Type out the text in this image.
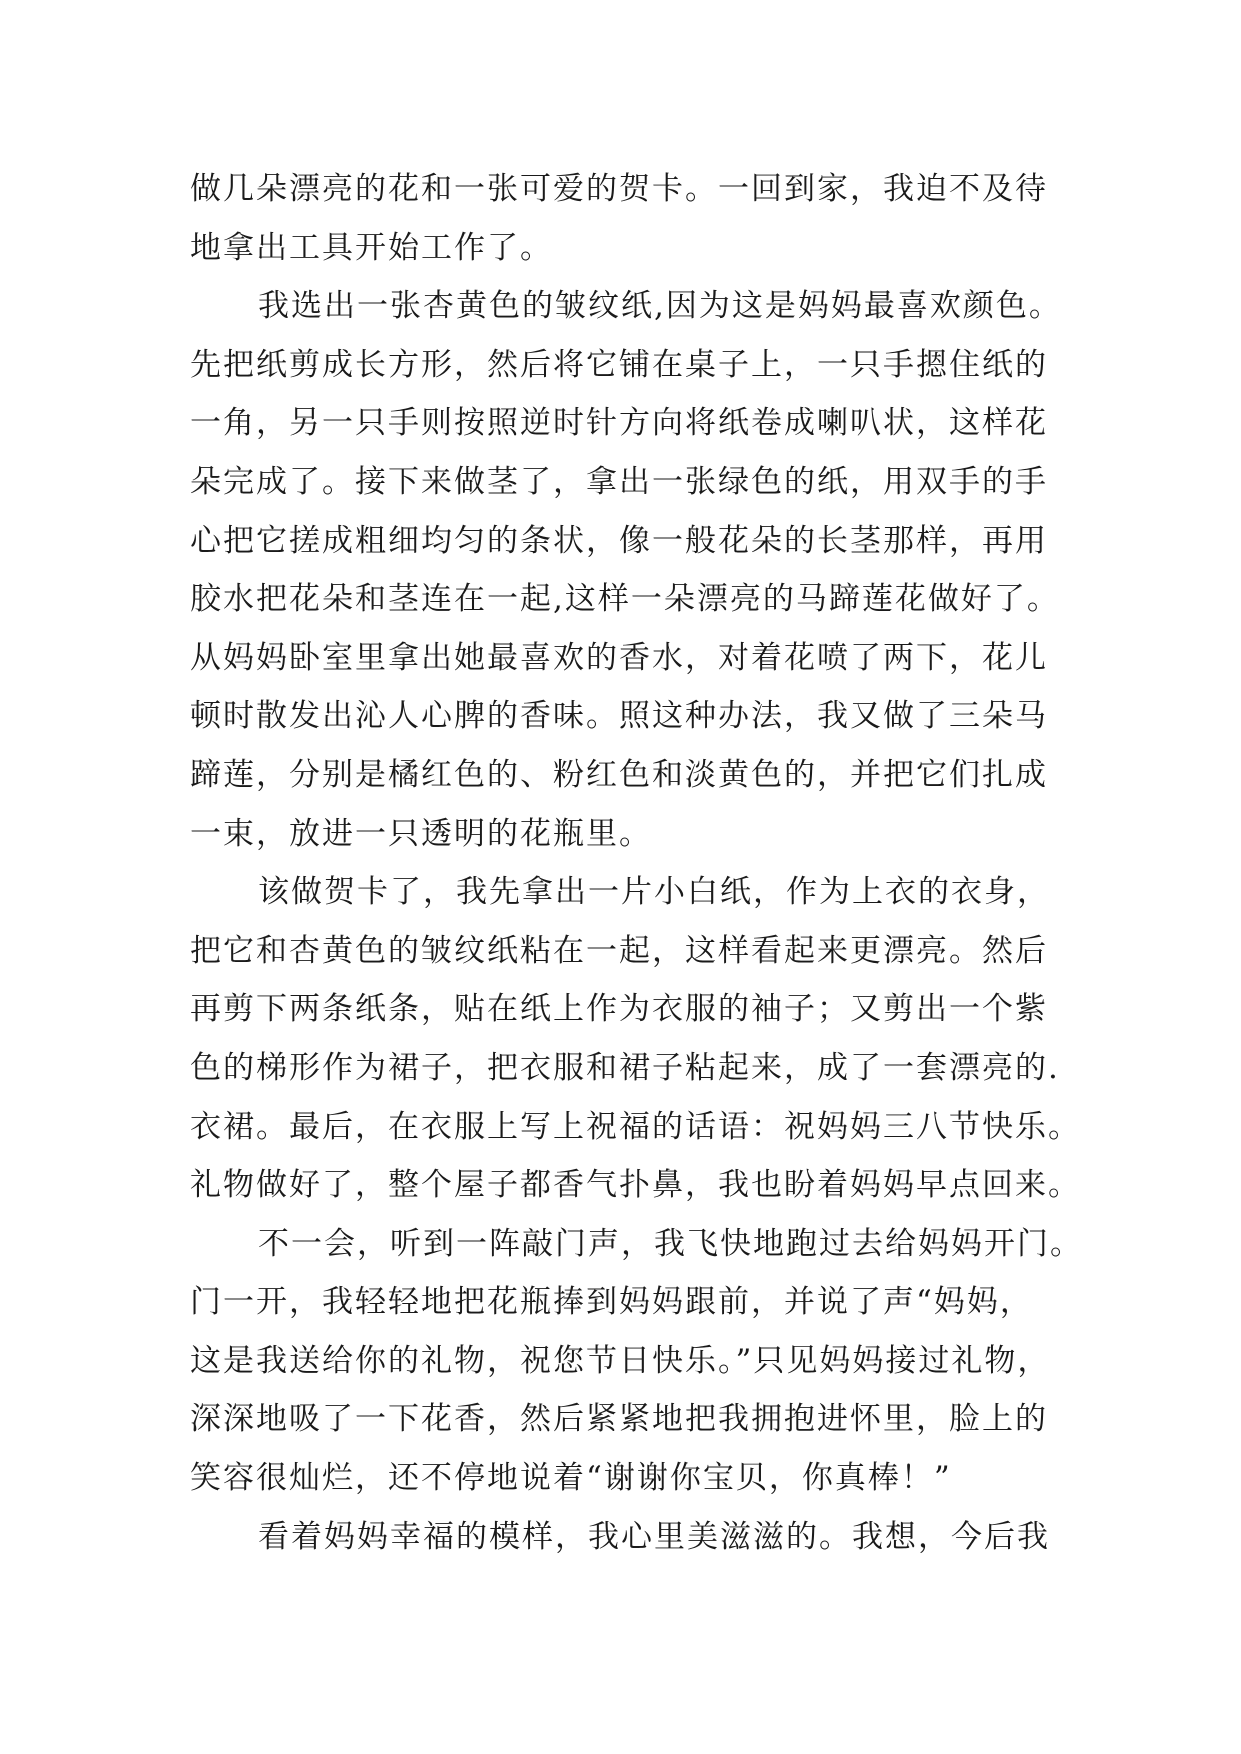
做几朵漂亮的花和一张可爱的贺卡。一回到家，我迫不及待
地拿出工具开始工作了。
我选出一张杏黄色的皱纹纸,因为这是妈妈最喜欢颜色。
先把纸剪成长方形，然后将它铺在桌子上，一只手摁住纸的
一角，另一只手则按照逆时针方向将纸卷成喇叭状，这样花
朵完成了。接下来做茎了，拿出一张绿色的纸，用双手的手
心把它搓成粗细均匀的条状，像一般花朵的长茎那样，再用
胶水把花朵和茎连在一起,这样一朵漂亮的马蹄莲花做好了。
从妈妈卧室里拿出她最喜欢的香水，对着花喷了两下，花儿
顿时散发出沁人心脾的香味。照这种办法，我又做了三朵马
蹄莲，分别是橘红色的、粉红色和淡黄色的，并把它们扎成
一束，放进一只透明的花瓶里。
该做贺卡了，我先拿出一片小白纸，作为上衣的衣身，
把它和杏黄色的皱纹纸粘在一起，这样看起来更漂亮。然后
再剪下两条纸条，贴在纸上作为衣服的袖子；又剪出一个紫
色的梯形作为裙子，把衣服和裙子粘起来，成了一套漂亮的.
衣裙。最后，在衣服上写上祝福的话语：祝妈妈三八节快乐。
礼物做好了，整个屋子都香气扑鼻，我也盼着妈妈早点回来。
不一会，听到一阵敲门声，我飞快地跑过去给妈妈开门。
门一开，我轻轻地把花瓶捧到妈妈跟前，并说了声“妈妈，
这是我送给你的礼物，祝您节日快乐。”只见妈妈接过礼物，
深深地吸了一下花香，然后紧紧地把我拥抱进怀里，脸上的
笑容很灿烂，还不停地说着“谢谢你宝贝，你真棒！”
看着妈妈幸福的模样，我心里美滋滋的。我想，今后我
